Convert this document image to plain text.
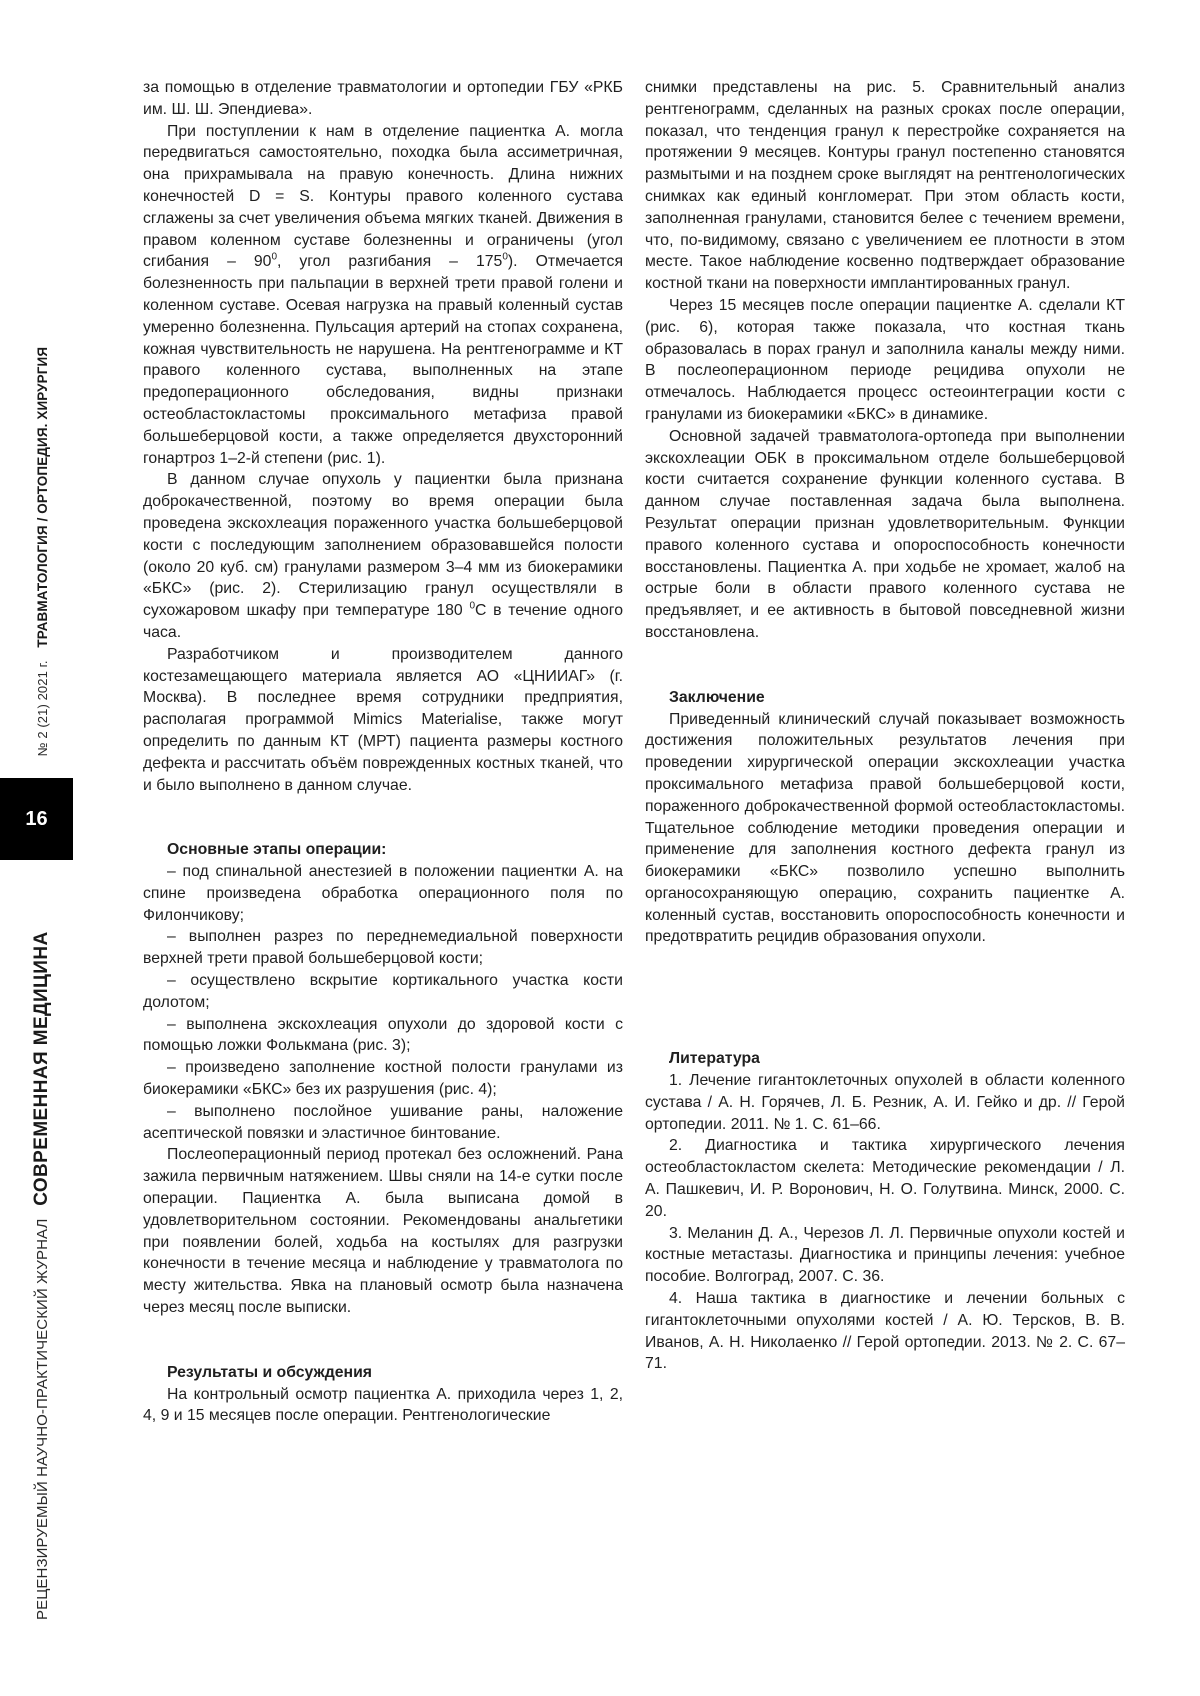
РЕЦЕНЗИРУЕМЫЙ НАУЧНО-ПРАКТИЧЕСКИЙ ЖУРНАЛ   СОВРЕМЕННАЯ МЕДИЦИНА                                         № 2 (21) 2021 г.   ТРАВМАТОЛОГИЯ / ОРТОПЕДИЯ. ХИРУРГИЯ
16

за помощью в отделение травматологии и ортопедии ГБУ «РКБ им. Ш. Ш. Эпендиева».

При поступлении к нам в отделение пациентка А. могла передвигаться самостоятельно, походка была ассиметричная, она прихрамывала на правую конечность. Длина нижних конечностей D = S. Контуры правого коленного сустава сглажены за счет увеличения объема мягких тканей. Движения в правом коленном суставе болезненны и ограничены (угол сгибания – $90^0$, угол разгибания – $175^0$). Отмечается болезненность при пальпации в верхней трети правой голени и коленном суставе. Осевая нагрузка на правый коленный сустав умеренно болезненна. Пульсация артерий на стопах сохранена, кожная чувствительность не нарушена. На рентгенограмме и КТ правого коленного сустава, выполненных на этапе предоперационного обследования, видны признаки остеобластокластомы проксимального метафиза правой большеберцовой кости, а также определяется двухсторонний гонартроз 1–2-й степени (рис. 1).

В данном случае опухоль у пациентки была признана доброкачественной, поэтому во время операции была проведена экскохлеация пораженного участка большеберцовой кости с последующим заполнением образовавшейся полости (около 20 куб. см) гранулами размером 3–4 мм из биокерамики «БКС» (рис. 2). Стерилизацию гранул осуществляли в сухожаровом шкафу при температуре 180 $^0$С в течение одного часа.

Разработчиком и производителем данного костезамещающего материала является АО «ЦНИИАГ» (г. Москва). В последнее время сотрудники предприятия, располагая программой Mimics Materialise, также могут определить по данным КТ (МРТ) пациента размеры костного дефекта и рассчитать объём поврежденных костных тканей, что и было выполнено в данном случае.

Основные этапы операции:

– под спинальной анестезией в положении пациентки А. на спине произведена обработка операционного поля по Филончикову;

– выполнен разрез по переднемедиальной поверхности верхней трети правой большеберцовой кости;

– осуществлено вскрытие кортикального участка кости долотом;

– выполнена экскохлеация опухоли до здоровой кости с помощью ложки Фолькмана (рис. 3);

– произведено заполнение костной полости гранулами из биокерамики «БКС» без их разрушения (рис. 4);

– выполнено послойное ушивание раны, наложение асептической повязки и эластичное бинтование.

Послеоперационный период протекал без осложнений. Рана зажила первичным натяжением. Швы сняли на 14-е сутки после операции. Пациентка А. была выписана домой в удовлетворительном состоянии. Рекомендованы анальгетики при появлении болей, ходьба на костылях для разгрузки конечности в течение месяца и наблюдение у травматолога по месту жительства. Явка на плановый осмотр была назначена через месяц после выписки.

Результаты и обсуждения

На контрольный осмотр пациентка А. приходила через 1, 2, 4, 9 и 15 месяцев после операции. Рентгенологические

снимки представлены на рис. 5. Сравнительный анализ рентгенограмм, сделанных на разных сроках после операции, показал, что тенденция гранул к перестройке сохраняется на протяжении 9 месяцев. Контуры гранул постепенно становятся размытыми и на позднем сроке выглядят на рентгенологических снимках как единый конгломерат. При этом область кости, заполненная гранулами, становится белее с течением времени, что, по-видимому, связано с увеличением ее плотности в этом месте. Такое наблюдение косвенно подтверждает образование костной ткани на поверхности имплантированных гранул.

Через 15 месяцев после операции пациентке А. сделали КТ (рис. 6), которая также показала, что костная ткань образовалась в порах гранул и заполнила каналы между ними. В послеоперационном периоде рецидива опухоли не отмечалось. Наблюдается процесс остеоинтеграции кости с гранулами из биокерамики «БКС» в динамике.

Основной задачей травматолога-ортопеда при выполнении экскохлеации ОБК в проксимальном отделе большеберцовой кости считается сохранение функции коленного сустава. В данном случае поставленная задача была выполнена. Результат операции признан удовлетворительным. Функции правого коленного сустава и опороспособность конечности восстановлены. Пациентка А. при ходьбе не хромает, жалоб на острые боли в области правого коленного сустава не предъявляет, и ее активность в бытовой повседневной жизни восстановлена.

Заключение

Приведенный клинический случай показывает возможность достижения положительных результатов лечения при проведении хирургической операции экскохлеации участка проксимального метафиза правой большеберцовой кости, пораженного доброкачественной формой остеобластокластомы. Тщательное соблюдение методики проведения операции и применение для заполнения костного дефекта гранул из биокерамики «БКС» позволило успешно выполнить органосохраняющую операцию, сохранить пациентке А. коленный сустав, восстановить опороспособность конечности и предотвратить рецидив образования опухоли.

Литература

1. Лечение гигантоклеточных опухолей в области коленного сустава / А. Н. Горячев, Л. Б. Резник, А. И. Гейко и др. // Герой ортопедии. 2011. № 1. С. 61–66.

2. Диагностика и тактика хирургического лечения остеобластокластом скелета: Методические рекомендации / Л. А. Пашкевич, И. Р. Воронович, Н. О. Голутвина. Минск, 2000. С. 20.

3. Меланин Д. А., Черезов Л. Л. Первичные опухоли костей и костные метастазы. Диагностика и принципы лечения: учебное пособие. Волгоград, 2007. С. 36.

4. Наша тактика в диагностике и лечении больных с гигантоклеточными опухолями костей / А. Ю. Терсков, В. В. Иванов, А. Н. Николаенко // Герой ортопедии. 2013. № 2. С. 67–71.
